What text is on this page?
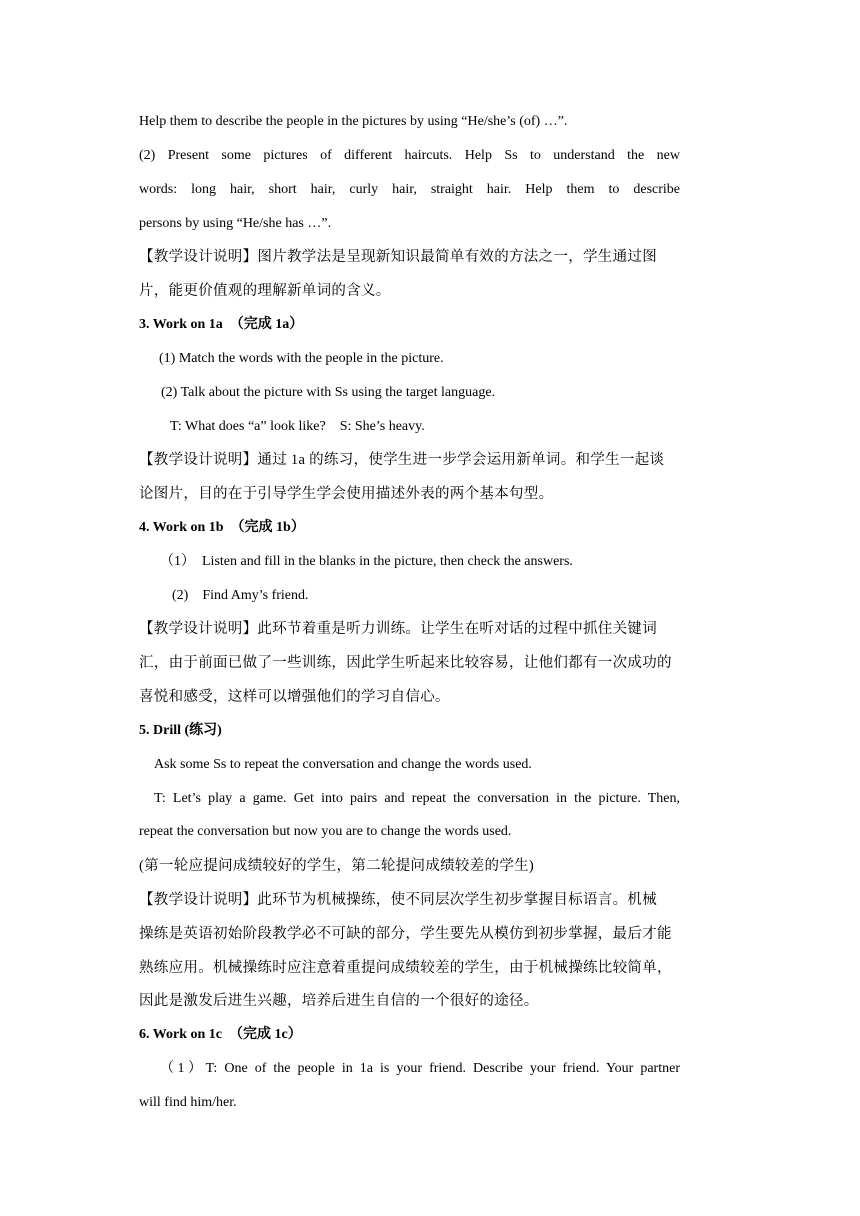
Help them to describe the people in the pictures by using “He/she’s (of) …”.
(2) Present some pictures of different haircuts. Help Ss to understand the new
words: long hair, short hair, curly hair, straight hair. Help them to describe
persons by using “He/she has …”.
【教学设计说明】图片教学法是呈现新知识最简单有效的方法之一，学生通过图
片，能更价值观的理解新单词的含义。
3. Work on 1a　（完成 1a）
(1) Match the words with the people in the picture.
(2) Talk about the picture with Ss using the target language.
T: What does “a” look like?　S: She’s heavy.
【教学设计说明】通过 1a 的练习，使学生进一步学会运用新单词。和学生一起谈
论图片，目的在于引导学生学会使用描述外表的两个基本句型。
4. Work on 1b　（完成 1b）
（1）　Listen and fill in the blanks in the picture, then check the answers.
(2)　Find Amy’s friend.
【教学设计说明】此环节着重是听力训练。让学生在听对话的过程中抓住关键词
汇，由于前面已做了一些训练，因此学生听起来比较容易，让他们都有一次成功的
喜悦和感受，这样可以增强他们的学习自信心。
5. Drill (练习)
Ask some Ss to repeat the conversation and change the words used.
T: Let’s play a game. Get into pairs and repeat the conversation in the picture. Then,
repeat the conversation but now you are to change the words used.
(第一轮应提问成绩较好的学生，第二轮提问成绩较差的学生)
【教学设计说明】此环节为机械操练，使不同层次学生初步掌握目标语言。机械
操练是英语初始阶段教学必不可缺的部分，学生要先从模仿到初步掌握，最后才能
熟练应用。机械操练时应注意着重提问成绩较差的学生，由于机械操练比较简单，
因此是激发后进生兴趣，培养后进生自信的一个很好的途径。
6. Work on 1c　（完成 1c）
（1）T: One of the people in 1a is your friend. Describe your friend. Your partner
will find him/her.
